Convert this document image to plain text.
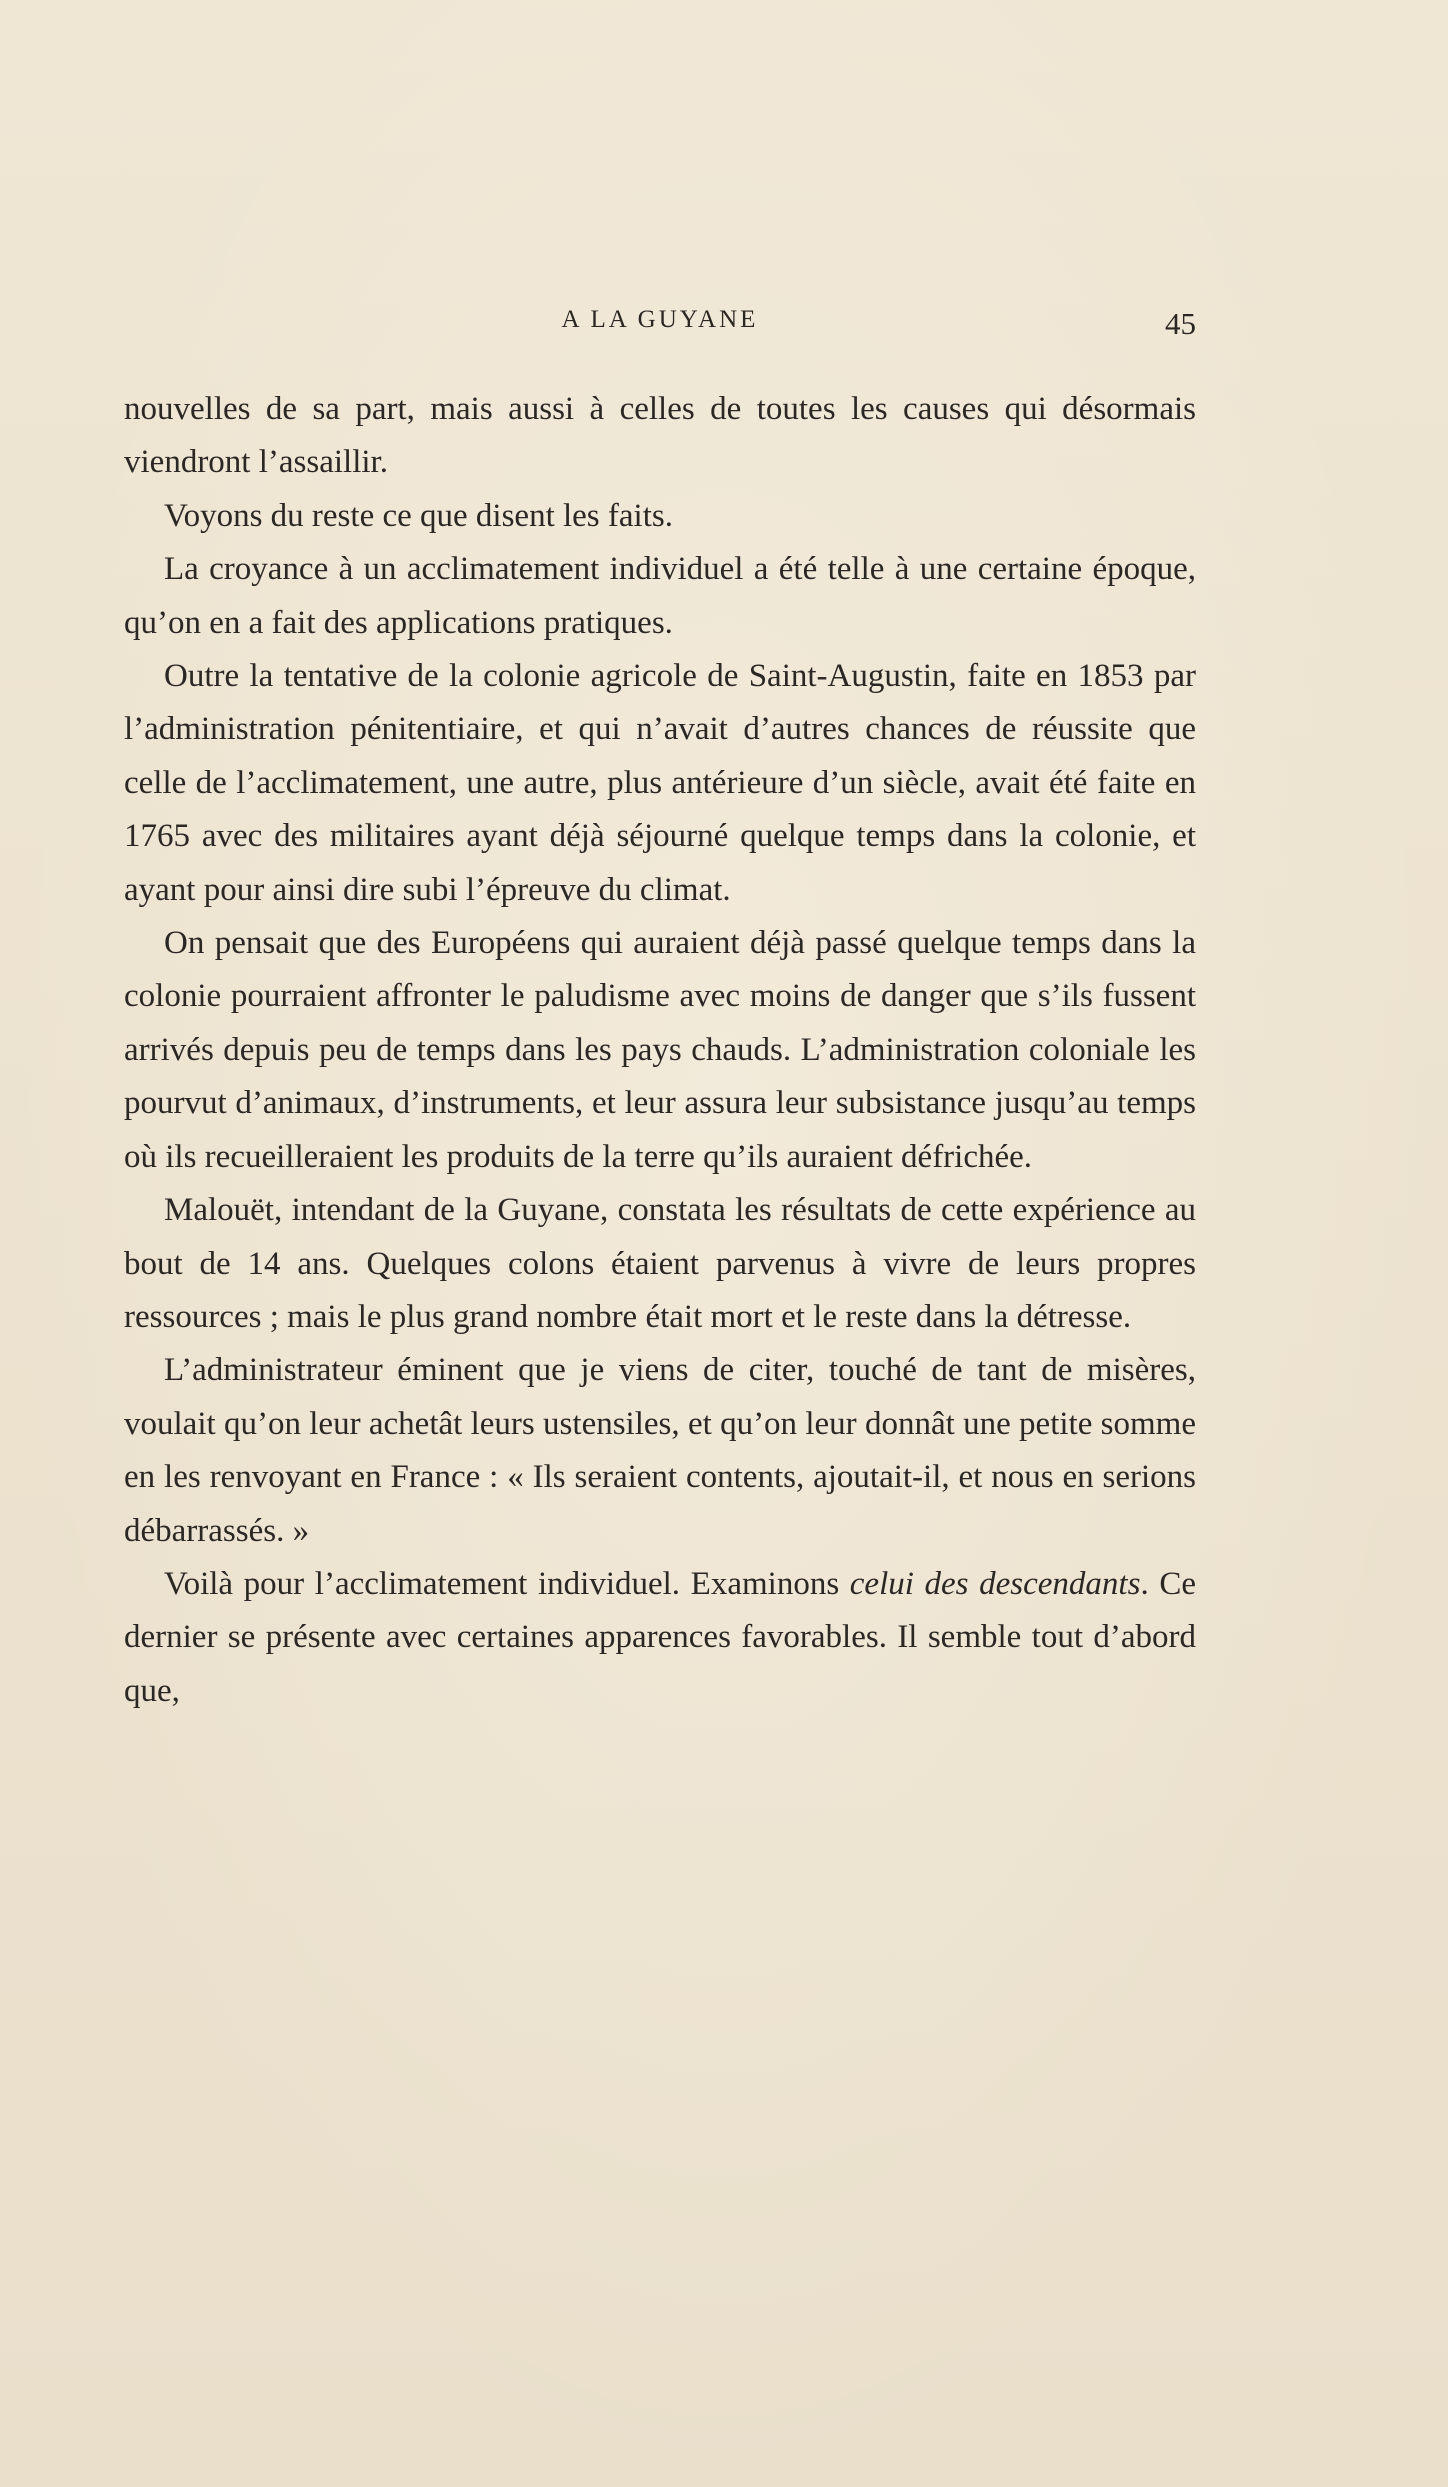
A LA GUYANE	45

nouvelles de sa part, mais aussi à celles de toutes les causes qui désormais viendront l’assaillir.

Voyons du reste ce que disent les faits.

La croyance à un acclimatement individuel a été telle à une certaine époque, qu’on en a fait des applications pratiques.

Outre la tentative de la colonie agricole de Saint-Augustin, faite en 1853 par l’administration pénitentiaire, et qui n’avait d’autres chances de réussite que celle de l’acclimatement, une autre, plus antérieure d’un siècle, avait été faite en 1765 avec des militaires ayant déjà séjourné quelque temps dans la colonie, et ayant pour ainsi dire subi l’épreuve du climat.

On pensait que des Européens qui auraient déjà passé quelque temps dans la colonie pourraient affronter le paludisme avec moins de danger que s’ils fussent arrivés depuis peu de temps dans les pays chauds. L’administration coloniale les pourvut d’animaux, d’instruments, et leur assura leur subsistance jusqu’au temps où ils recueilleraient les produits de la terre qu’ils auraient défrichée.

Malouët, intendant de la Guyane, constata les résultats de cette expérience au bout de 14 ans. Quelques colons étaient parvenus à vivre de leurs propres ressources ; mais le plus grand nombre était mort et le reste dans la détresse.

L’administrateur éminent que je viens de citer, touché de tant de misères, voulait qu’on leur achetât leurs ustensiles, et qu’on leur donnât une petite somme en les renvoyant en France : « Ils seraient contents, ajoutait-il, et nous en serions débarrassés. »

Voilà pour l’acclimatement individuel. Examinons celui des descendants. Ce dernier se présente avec certaines apparences favorables. Il semble tout d’abord que,
